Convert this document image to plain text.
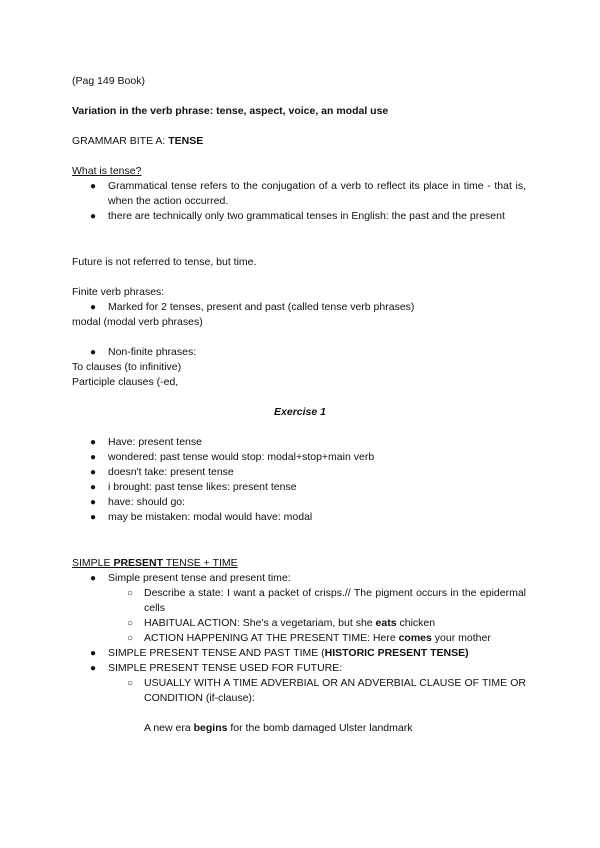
(Pag 149 Book)
Variation in the verb phrase: tense, aspect, voice, an modal use
GRAMMAR BITE A: TENSE
What is tense?
● Grammatical tense refers to the conjugation of a verb to reflect its place in time - that is, when the action occurred.
● there are technically only two grammatical tenses in English: the past and the present
Future is not referred to tense, but time.
Finite verb phrases:
● Marked for 2 tenses, present and past (called tense verb phrases)
modal (modal verb phrases)
● Non-finite phrases:
To clauses (to infinitive)
Participle clauses (-ed,
Exercise 1
● Have: present tense
● wondered: past tense would stop: modal+stop+main verb
● doesn't take: present tense
● i brought: past tense likes: present tense
● have: should go:
● may be mistaken: modal would have: modal
SIMPLE PRESENT TENSE + TIME
● Simple present tense and present time:
○ Describe a state: I want a packet of crisps.// The pigment occurs in the epidermal cells
○ HABITUAL ACTION: She's a vegetariam, but she eats chicken
○ ACTION HAPPENING AT THE PRESENT TIME: Here comes your mother
● SIMPLE PRESENT TENSE AND PAST TIME (HISTORIC PRESENT TENSE)
● SIMPLE PRESENT TENSE USED FOR FUTURE:
○ USUALLY WITH A TIME ADVERBIAL OR AN ADVERBIAL CLAUSE OF TIME OR CONDITION (if-clause):
A new era begins for the bomb damaged Ulster landmark
